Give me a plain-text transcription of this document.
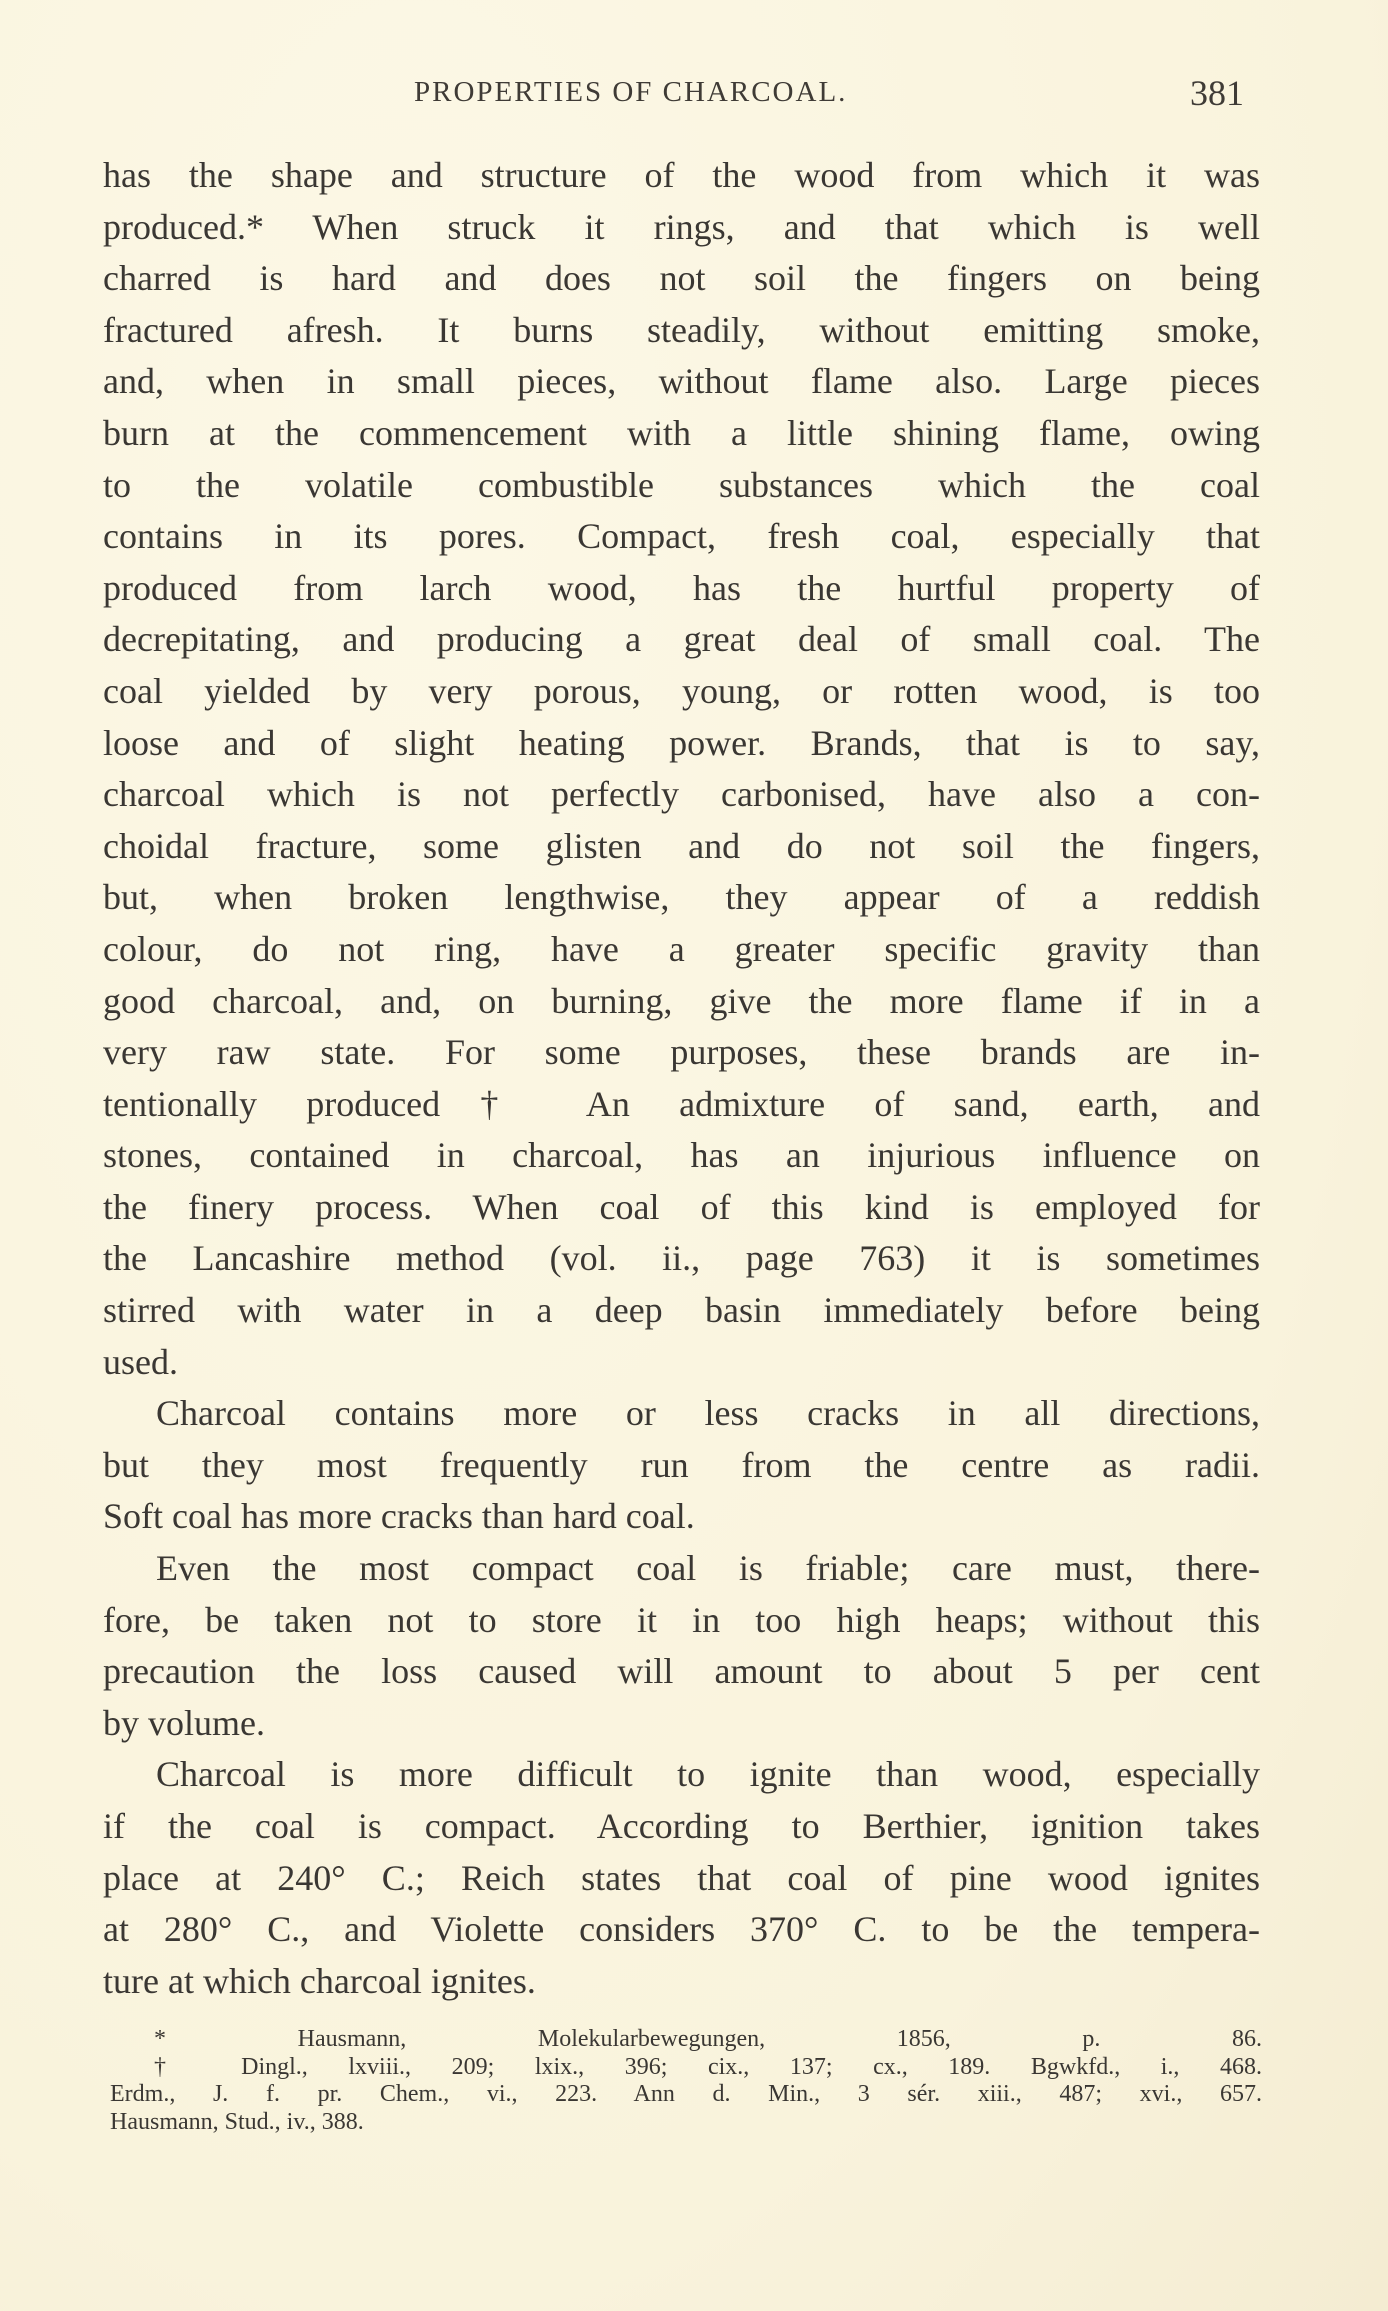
PROPERTIES OF CHARCOAL.	381
has the shape and structure of the wood from which it was
produced.* When struck it rings, and that which is well
charred is hard and does not soil the fingers on being
fractured afresh. It burns steadily, without emitting smoke,
and, when in small pieces, without flame also. Large pieces
burn at the commencement with a little shining flame, owing
to the volatile combustible substances which the coal
contains in its pores. Compact, fresh coal, especially that
produced from larch wood, has the hurtful property of
decrepitating, and producing a great deal of small coal. The
coal yielded by very porous, young, or rotten wood, is too
loose and of slight heating power. Brands, that is to say,
charcoal which is not perfectly carbonised, have also a con-
choidal fracture, some glisten and do not soil the fingers,
but, when broken lengthwise, they appear of a reddish
colour, do not ring, have a greater specific gravity than
good charcoal, and, on burning, give the more flame if in a
very raw state. For some purposes, these brands are in-
tentionally produced† An admixture of sand, earth, and
stones, contained in charcoal, has an injurious influence on
the finery process. When coal of this kind is employed for
the Lancashire method (vol. ii., page 763) it is sometimes
stirred with water in a deep basin immediately before being
used.
Charcoal contains more or less cracks in all directions,
but they most frequently run from the centre as radii.
Soft coal has more cracks than hard coal.
Even the most compact coal is friable; care must, there-
fore, be taken not to store it in too high heaps; without this
precaution the loss caused will amount to about 5 per cent
by volume.
Charcoal is more difficult to ignite than wood, especially
if the coal is compact. According to Berthier, ignition takes
place at 240° C.; Reich states that coal of pine wood ignites
at 280° C., and Violette considers 370° C. to be the tempera-
ture at which charcoal ignites.
* Hausmann, Molekularbewegungen, 1856, p. 86.
† Dingl., lxviii., 209; lxix., 396; cix., 137; cx., 189. Bgwkfd., i., 468.
Erdm., J. f. pr. Chem., vi., 223. Ann d. Min., 3 sér. xiii., 487; xvi., 657.
Hausmann, Stud., iv., 388.
